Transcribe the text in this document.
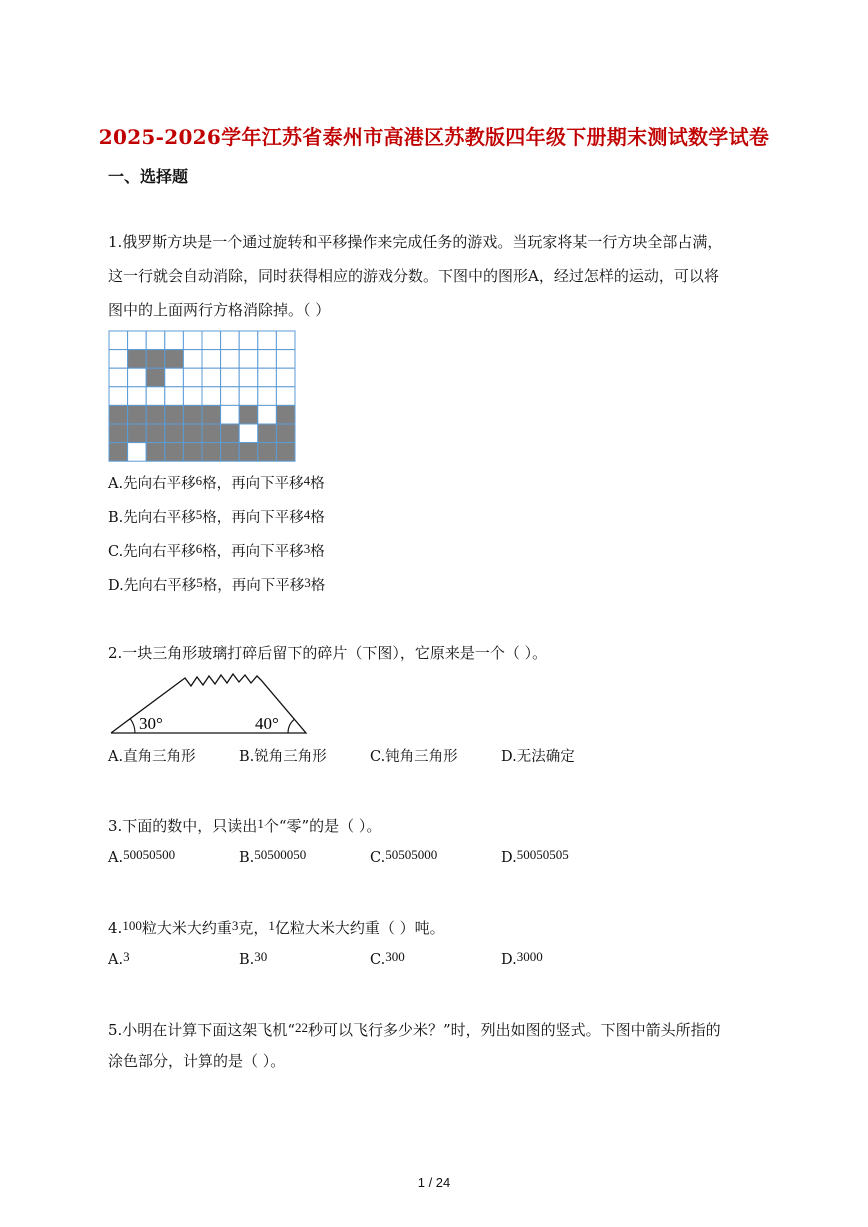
2025-2026学年江苏省泰州市高港区苏教版四年级下册期末测试数学试卷
一、选择题
1.俄罗斯方块是一个通过旋转和平移操作来完成任务的游戏。当玩家将某一行方块全部占满，
这一行就会自动消除，同时获得相应的游戏分数。下图中的图形A，经过怎样的运动，可以将
图中的上面两行方格消除掉。（ ）
A.先向右平移6格，再向下平移4格
B.先向右平移5格，再向下平移4格
C.先向右平移6格，再向下平移3格
D.先向右平移5格，再向下平移3格
2.一块三角形玻璃打碎后留下的碎片（下图），它原来是一个（ ）。
30°	40°
A.直角三角形	B.锐角三角形	C.钝角三角形	D.无法确定
3.下面的数中，只读出1个“零”的是（ ）。
A.50050500	B.50500050	C.50505000	D.50050505
4.100粒大米大约重3克，1亿粒大米大约重（ ）吨。
A.3	B.30	C.300	D.3000
5.小明在计算下面这架飞机“22秒可以飞行多少米？”时，列出如图的竖式。下图中箭头所指的
涂色部分，计算的是（ ）。
1 / 24
